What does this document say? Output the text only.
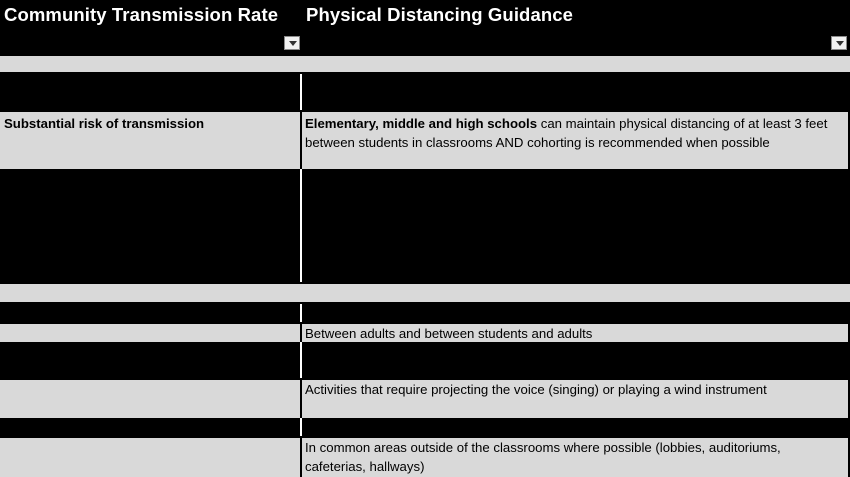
Community Transmission Rate Physical Distancing Guidance
Substantial risk of transmission	Elementary, middle and high schools can maintain physical distancing of at least 3 feet between students in classrooms AND cohorting is recommended when possible
Between adults and between students and adults
Activities that require projecting the voice (singing) or playing a wind instrument
In common areas outside of the classrooms where possible (lobbies, auditoriums, cafeterias, hallways)
